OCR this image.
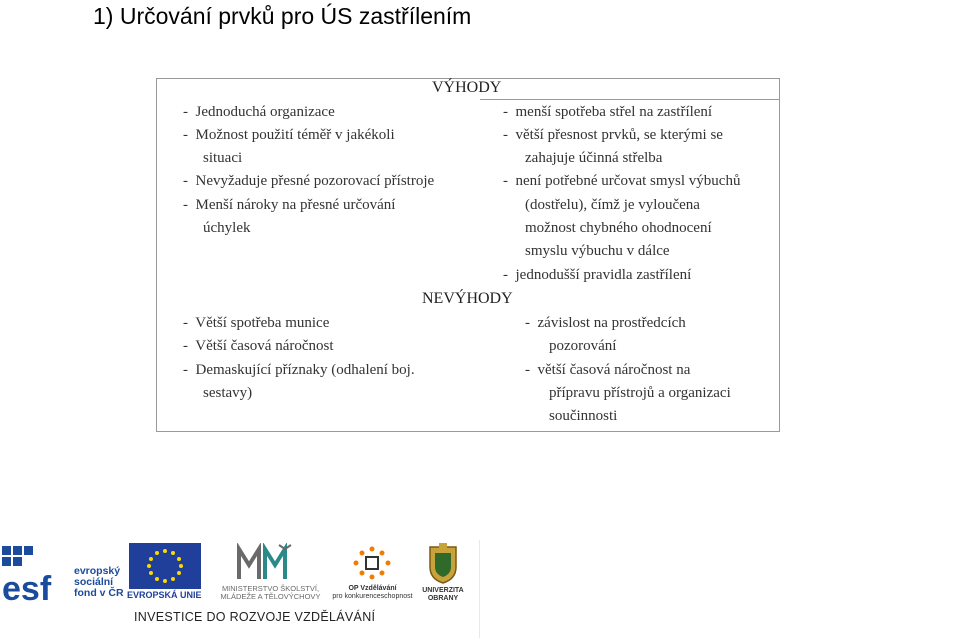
1) Určování prvků pro ÚS zastřílením
VÝHODY
NEVÝHODY
- Jednoduchá organizace
- Možnost použití téměř v jakékoli
situaci
- Nevyžaduje přesné pozorovací přístroje
- Menší nároky na přesné určování
úchylek
- menší spotřeba střel na zastřílení
- větší přesnost prvků, se kterými se
zahajuje účinná střelba
- není potřebné určovat smysl výbuchů
(dostřelu), čímž je vyloučena
možnost chybného ohodnocení
smyslu výbuchu v dálce
- jednodušší pravidla zastřílení
- Větší spotřeba munice
- Větší časová náročnost
- Demaskující příznaky (odhalení boj.
sestavy)
- závislost na prostředcích
pozorování
- větší časová náročnost na
přípravu přístrojů a organizaci
součinnosti
esf evropský
sociální
fond v ČR EVROPSKÁ UNIE
MINISTERSTVO ŠKOLSTVÍ,
MLÁDEŽE A TĚLOVÝCHOVY
OP Vzdělávání
pro konkurenceschopnost
UNIVERZITA
OBRANY
INVESTICE DO ROZVOJE VZDĚLÁVÁNÍ
